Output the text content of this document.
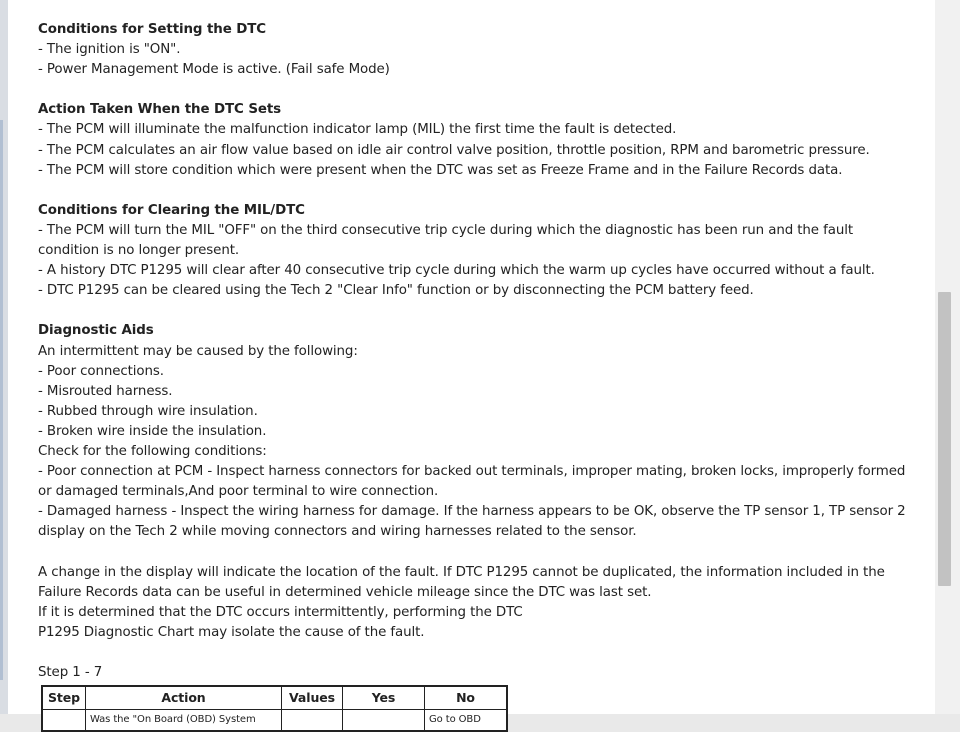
Conditions for Setting the DTC

- The ignition is "ON".

- Power Management Mode is active. (Fail safe Mode)

Action Taken When the DTC Sets

- The PCM will illuminate the malfunction indicator lamp (MIL) the first time the fault is detected.

- The PCM calculates an air flow value based on idle air control valve position, throttle position, RPM and barometric pressure.

- The PCM will store condition which were present when the DTC was set as Freeze Frame and in the Failure Records data.

Conditions for Clearing the MIL/DTC

- The PCM will turn the MIL "OFF" on the third consecutive trip cycle during which the diagnostic has been run and the fault condition is no longer present.

- A history DTC P1295 will clear after 40 consecutive trip cycle during which the warm up cycles have occurred without a fault.

- DTC P1295 can be cleared using the Tech 2 "Clear Info" function or by disconnecting the PCM battery feed.

Diagnostic Aids

An intermittent may be caused by the following:

- Poor connections.

- Misrouted harness.

- Rubbed through wire insulation.

- Broken wire inside the insulation.

Check for the following conditions:

- Poor connection at PCM - Inspect harness connectors for backed out terminals, improper mating, broken locks, improperly formed or damaged terminals,And poor terminal to wire connection.

- Damaged harness - Inspect the wiring harness for damage. If the harness appears to be OK, observe the TP sensor 1, TP sensor 2 display on the Tech 2 while moving connectors and wiring harnesses related to the sensor.

A change in the display will indicate the location of the fault. If DTC P1295 cannot be duplicated, the information included in the Failure Records data can be useful in determined vehicle mileage since the DTC was last set.

If it is determined that the DTC occurs intermittently, performing the DTC

P1295 Diagnostic Chart may isolate the cause of the fault.

Step 1 - 7

Step	Action	Values	Yes	No
	Was the "On Board (OBD) System			Go to OBD
